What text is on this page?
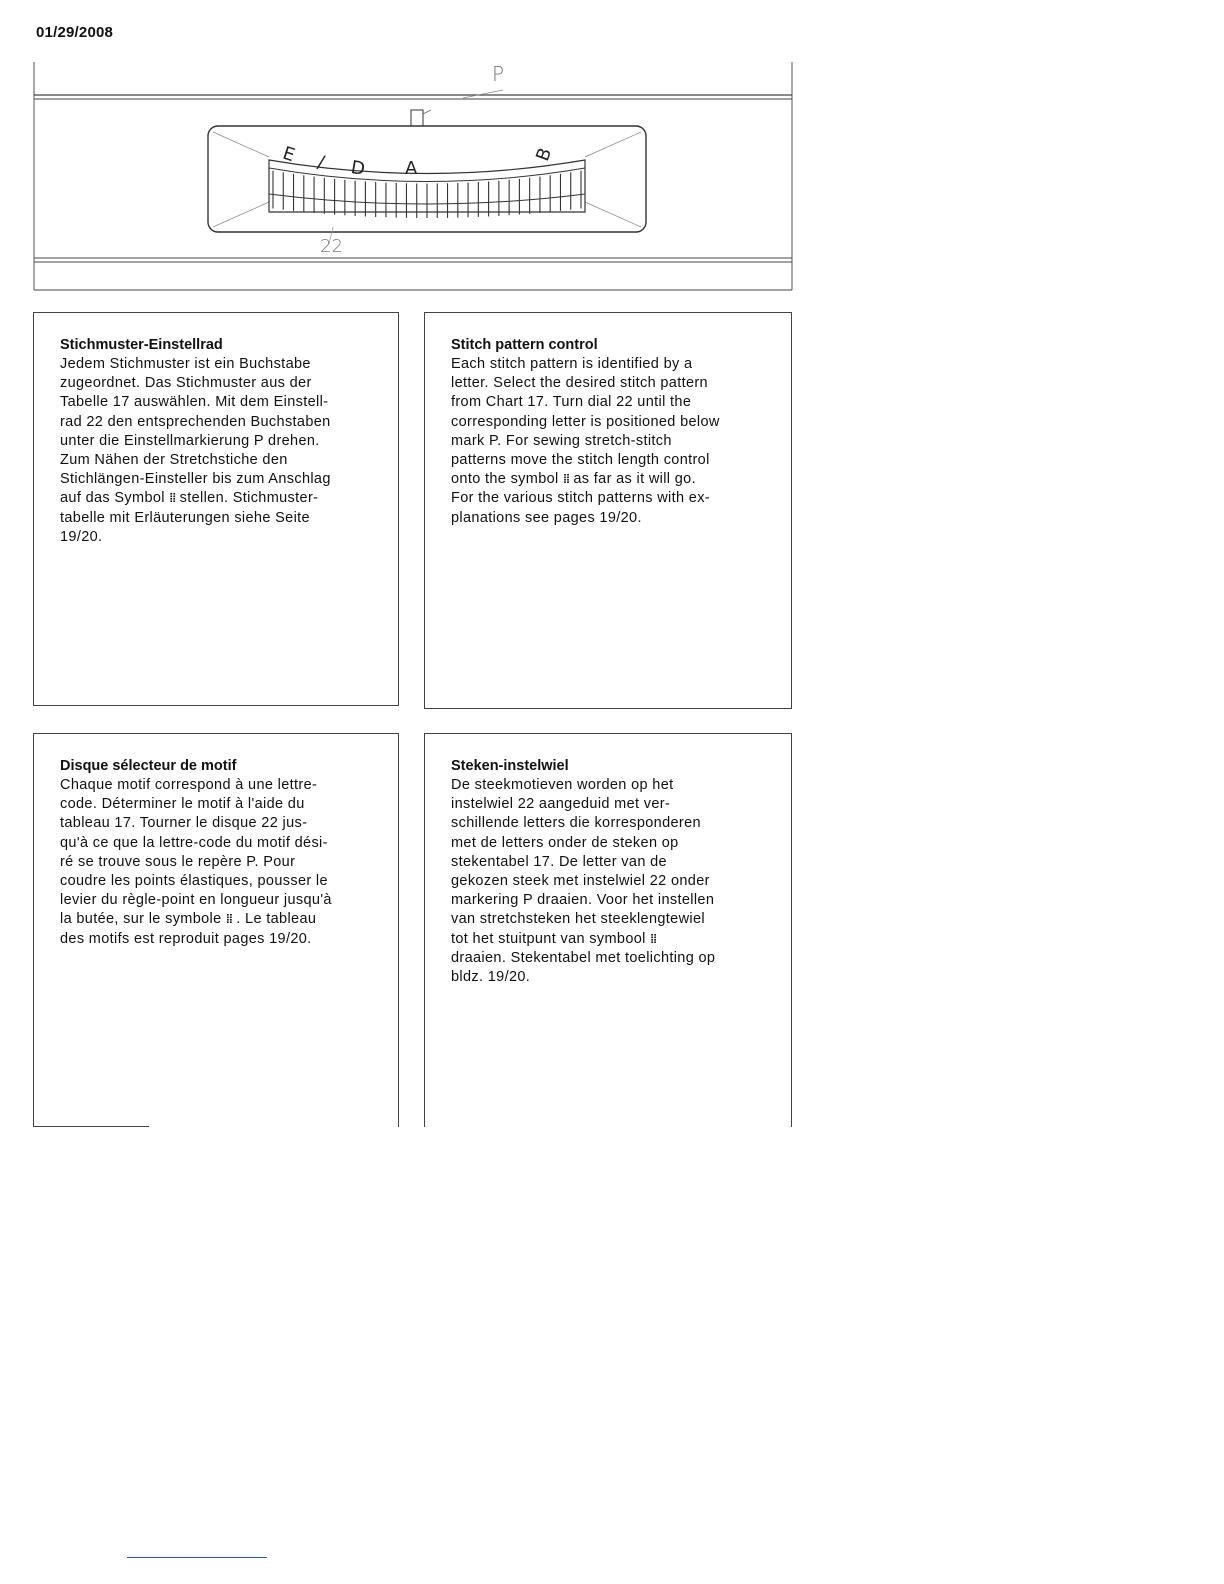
01/29/2008
P
22
E / D A
B
Stichmuster-Einstellrad

Jedem Stichmuster ist ein Buchstabe
zugeordnet. Das Stichmuster aus der
Tabelle 17 auswählen. Mit dem Einstell-
rad 22 den entsprechenden Buchstaben
unter die Einstellmarkierung P drehen.
Zum Nähen der Stretchstiche den
Stichlängen-Einsteller bis zum Anschlag
auf das Symbol ⁞⁞ stellen. Stichmuster-
tabelle mit Erläuterungen siehe Seite
19/20.

Stitch pattern control

Each stitch pattern is identified by a
letter. Select the desired stitch pattern
from Chart 17. Turn dial 22 until the
corresponding letter is positioned below
mark P. For sewing stretch-stitch
patterns move the stitch length control
onto the symbol ⁞⁞ as far as it will go.
For the various stitch patterns with ex-
planations see pages 19/20.

Disque sélecteur de motif

Chaque motif correspond à une lettre-
code. Déterminer le motif à l'aide du
tableau 17. Tourner le disque 22 jus-
qu'à ce que la lettre-code du motif dési-
ré se trouve sous le repère P. Pour
coudre les points élastiques, pousser le
levier du règle-point en longueur jusqu'à
la butée, sur le symbole ⁞⁞ . Le tableau
des motifs est reproduit pages 19/20.

Steken-instelwiel

De steekmotieven worden op het
instelwiel 22 aangeduid met ver-
schillende letters die korresponderen
met de letters onder de steken op
stekentabel 17. De letter van de
gekozen steek met instelwiel 22 onder
markering P draaien. Voor het instellen
van stretchsteken het steeklengtewiel
tot het stuitpunt van symbool ⁞⁞
draaien. Stekentabel met toelichting op
bldz. 19/20.
